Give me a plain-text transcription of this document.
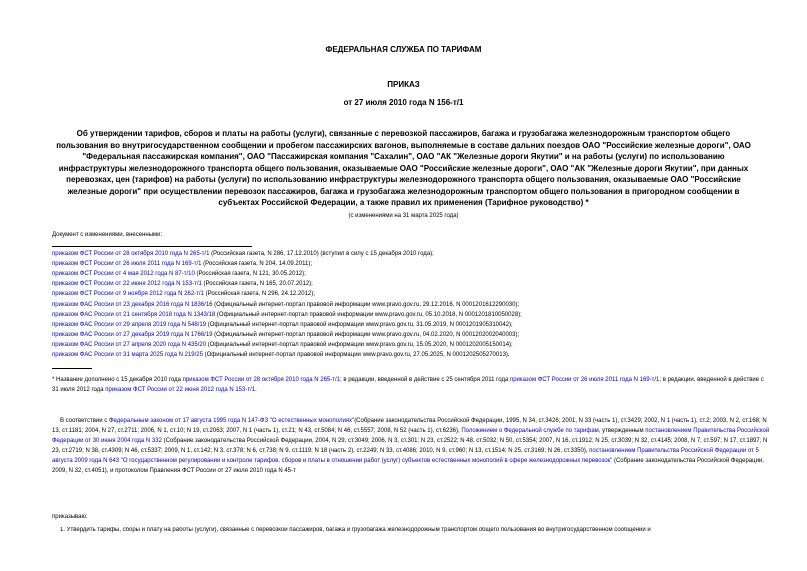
ФЕДЕРАЛЬНАЯ СЛУЖБА ПО ТАРИФАМ
ПРИКАЗ
от 27 июля 2010 года N 156-т/1
Об утверждении тарифов, сборов и платы на работы (услуги), связанные с перевозкой пассажиров, багажа и грузобагажа железнодорожным транспортом общего пользования во внутригосударственном сообщении и пробегом пассажирских вагонов, выполняемые в составе дальних поездов ОАО "Российские железные дороги", ОАО "Федеральная пассажирская компания", ОАО "Пассажирская компания "Сахалин", ОАО "АК "Железные дороги Якутии" и на работы (услуги) по использованию инфраструктуры железнодорожного транспорта общего пользования, оказываемые ОАО "Российские железные дороги", ОАО "АК "Железные дороги Якутии", при данных перевозках, цен (тарифов) на работы (услуги) по использованию инфраструктуры железнодорожного транспорта общего пользования, оказываемые ОАО "Российские железные дороги" при осуществлении перевозок пассажиров, багажа и грузобагажа железнодорожным транспортом общего пользования в пригородном сообщении в субъектах Российской Федерации, а также правил их применения (Тарифное руководство) *
(с изменениями на 31 марта 2025 года)
Документ с изменениями, внесенными:
приказом ФСТ России от 28 октября 2010 года N 265-т/1 (Российская газета, N 286, 17.12.2010) (вступил в силу с 15 декабря 2010 года);
приказом ФСТ России от 26 июля 2011 года N 169-т/1 (Российская газета, N 204, 14.09.2011);
приказом ФСТ России от 4 мая 2012 года N 87-т/10 (Российская газета, N 121, 30.05.2012);
приказом ФСТ России от 22 июня 2012 года N 153-т/1 (Российская газета, N 165, 20.07.2012);
приказом ФСТ России от 9 ноября 2012 года N 262-т/1 (Российская газета, N 296, 24.12.2012);
приказом ФАС России от 23 декабря 2016 года N 1836/16 (Официальный интернет-портал правовой информации www.pravo.gov.ru, 29.12.2016, N 0001201612290030);
приказом ФАС России от 21 сентября 2018 года N 1343/18 (Официальный интернет-портал правовой информации www.pravo.gov.ru, 05.10.2018, N 0001201810050028);
приказом ФАС России от 29 апреля 2019 года N 548/19 (Официальный интернет-портал правовой информации www.pravo.gov.ru, 31.05.2019, N 0001201905310042);
приказом ФАС России от 27 декабря 2019 года N 1766/19 (Официальный интернет-портал правовой информации www.pravo.gov.ru, 04.02.2020, N 0001202002040003);
приказом ФАС России от 27 апреля 2020 года N 435/20 (Официальный интернет-портал правовой информации www.pravo.gov.ru, 15.05.2020, N 0001202005150014);
приказом ФАС России от 31 марта 2025 года N 219/25 (Официальный интернет-портал правовой информации www.pravo.gov.ru, 27.05.2025, N 0001202505270013).
* Название дополнено с 15 декабря 2010 года приказом ФСТ России от 28 октября 2010 года N 265-т/1; в редакции, введенной в действие с 25 сентября 2011 года приказом ФСТ России от 26 июля 2011 года N 169-т/1; в редакции, введенной в действие с 31 июля 2012 года приказом ФСТ России от 22 июня 2012 года N 153-т/1.
В соответствии с Федеральным законом от 17 августа 1995 года N 147-ФЗ "О естественных монополиях"(Собрание законодательства Российской Федерации, 1995, N 34, ст.3426; 2001, N 33 (часть 1), ст.3429; 2002, N 1 (часть 1), ст.2; 2003, N 2, ст.168; N 13, ст.1181; 2004, N 27, ст.2711; 2006, N 1, ст.10; N 19, ст.2063; 2007, N 1 (часть 1), ст.21; N 43, ст.5084; N 46, ст.5557; 2008, N 52 (часть 1), ст.6236), Положением о Федеральной службе по тарифам, утвержденным постановлением Правительства Российской Федерации от 30 июня 2004 года N 332 (Собрание законодательства Российской Федерации, 2004, N 29, ст.3049; 2006, N 3, ст.301; N 23, ст.2522; N 48, ст.5032; N 50, ст.5354; 2007, N 16, ст.1912; N 25, ст.3039; N 32, ст.4145; 2008, N 7, ст.597; N 17, ст.1897; N 23, ст.2719; N 38, ст.4309; N 46, ст.5337; 2009, N 1, ст.142; N 3, ст.378; N 6, ст.738; N 9, ст.1119; N 18 (часть 2), ст.2249; N 33, ст.4086; 2010, N 9, ст.960; N 13, ст.1514; N 25, ст.3169; N 26, ст.3350), постановлением Правительства Российской Федерации от 5 августа 2009 года N 643 "О государственном регулировании и контроле тарифов, сборов и платы в отношении работ (услуг) субъектов естественных монополий в сфере железнодорожных перевозок" (Собрание законодательства Российской Федерации, 2009, N 32, ст.4051), и протоколом Правления ФСТ России от 27 июля 2010 года N 45-т
приказываю:
1. Утвердить тарифы, сборы и плату на работы (услуги), связанные с перевозкой пассажиров, багажа и грузобагажа железнодорожным транспортом общего пользования во внутригосударственном сообщении и
